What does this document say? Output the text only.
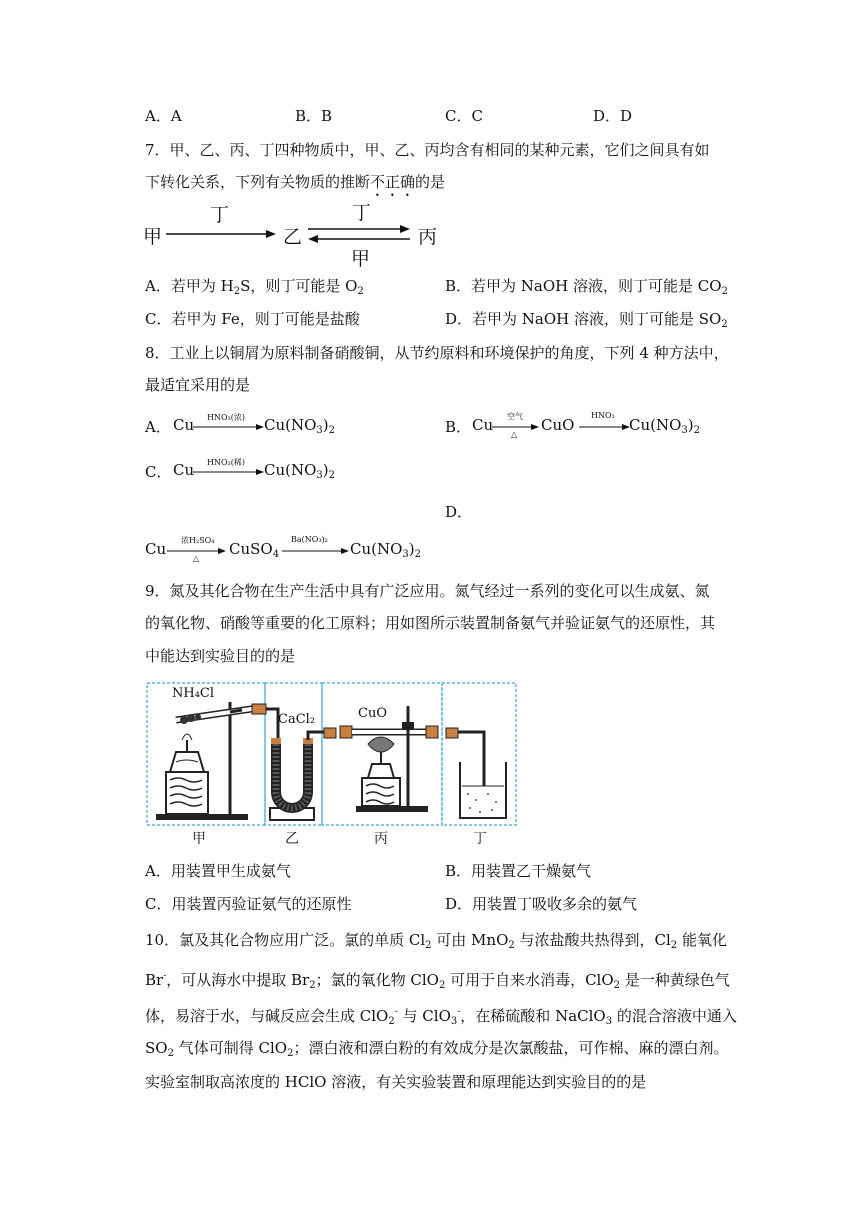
A．A	B．B	C．C	D．D
7．甲、乙、丙、丁四种物质中，甲、乙、丙均含有相同的某种元素，它们之间具有如
下转化关系，下列有关物质的推断不正确的是
甲
丁
乙
丁
丙
甲
A．若甲为 $H_2S$，则丁可能是 $O_2$	B．若甲为 NaOH 溶液，则丁可能是 $CO_2$
C．若甲为 Fe，则丁可能是盐酸	D．若甲为 NaOH 溶液，则丁可能是 $SO_2$
8．工业上以铜屑为原料制备硝酸铜，从节约原料和环境保护的角度，下列 4 种方法中，
最适宜采用的是
A． Cu HNO₃(浓) $Cu(NO_3)_2$	B． Cu 空气
△
CuO
HNO₃
$Cu(NO_3)_2$
C． Cu HNO₃(稀) $Cu(NO_3)_2$
D．
Cu 浓H₂SO₄
△
CuSO$_4$
Ba(NO₃)₂
$Cu(NO_3)_2$
9．氮及其化合物在生产生活中具有广泛应用。氮气经过一系列的变化可以生成氨、氮
的氧化物、硝酸等重要的化工原料；用如图所示装置制备氨气并验证氨气的还原性，其
中能达到实验目的的是
NH₄Cl
CaCl₂	CuO
甲	乙	丙	丁
A．用装置甲生成氨气	B．用装置乙干燥氨气
C．用装置丙验证氨气的还原性	D．用装置丁吸收多余的氨气
10．氯及其化合物应用广泛。氯的单质 $Cl_2$ 可由 MnO$_2$ 与浓盐酸共热得到，$Cl_2$ 能氧化
Br-，可从海水中提取 $Br_2$；氯的氧化物 ClO$_2$ 可用于自来水消毒，ClO$_2$ 是一种黄绿色气
体，易溶于水，与碱反应会生成 ClO$_2$- 与 ClO$_3$-，在稀硫酸和 NaClO$_3$ 的混合溶液中通入
$SO_2$ 气体可制得 ClO$_2$；漂白液和漂白粉的有效成分是次氯酸盐，可作棉、麻的漂白剂。
实验室制取高浓度的 HClO 溶液，有关实验装置和原理能达到实验目的的是
